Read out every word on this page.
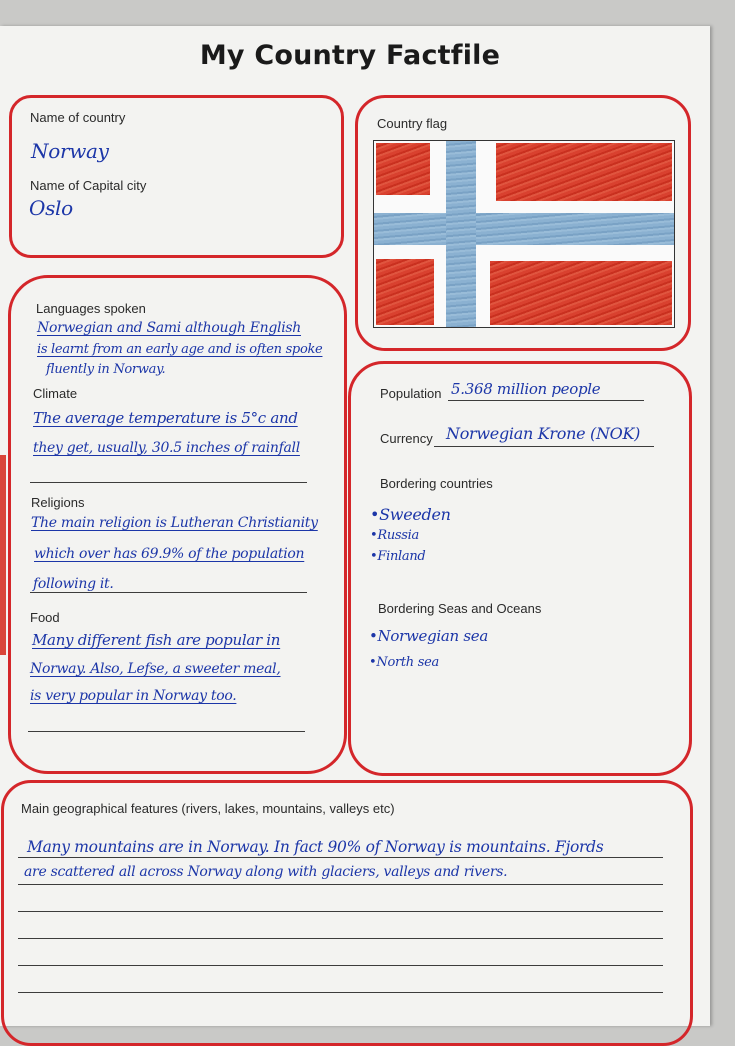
My Country Factfile
Name of country
Norway
Name of Capital city
Oslo
Country flag
Languages spoken
Norwegian and Sami although English
is learnt from an early age and is often spoke
fluently in Norway.
Climate
The average temperature is 5°c and
they get, usually, 30.5 inches of rainfall
Religions
The main religion is Lutheran Christianity
which over has 69.9% of the population
following it.
Food
Many different fish are popular in
Norway. Also, Lefse, a sweeter meal,
is very popular in Norway too.
Population 5.368 million people
Currency Norwegian Krone (NOK)
Bordering countries
•Sweeden
•Russia
•Finland
Bordering Seas and Oceans
•Norwegian sea
•North sea
Main geographical features (rivers, lakes, mountains, valleys etc)
Many mountains are in Norway. In fact 90% of Norway is mountains. Fjords
are scattered all across Norway along with glaciers, valleys and rivers.
